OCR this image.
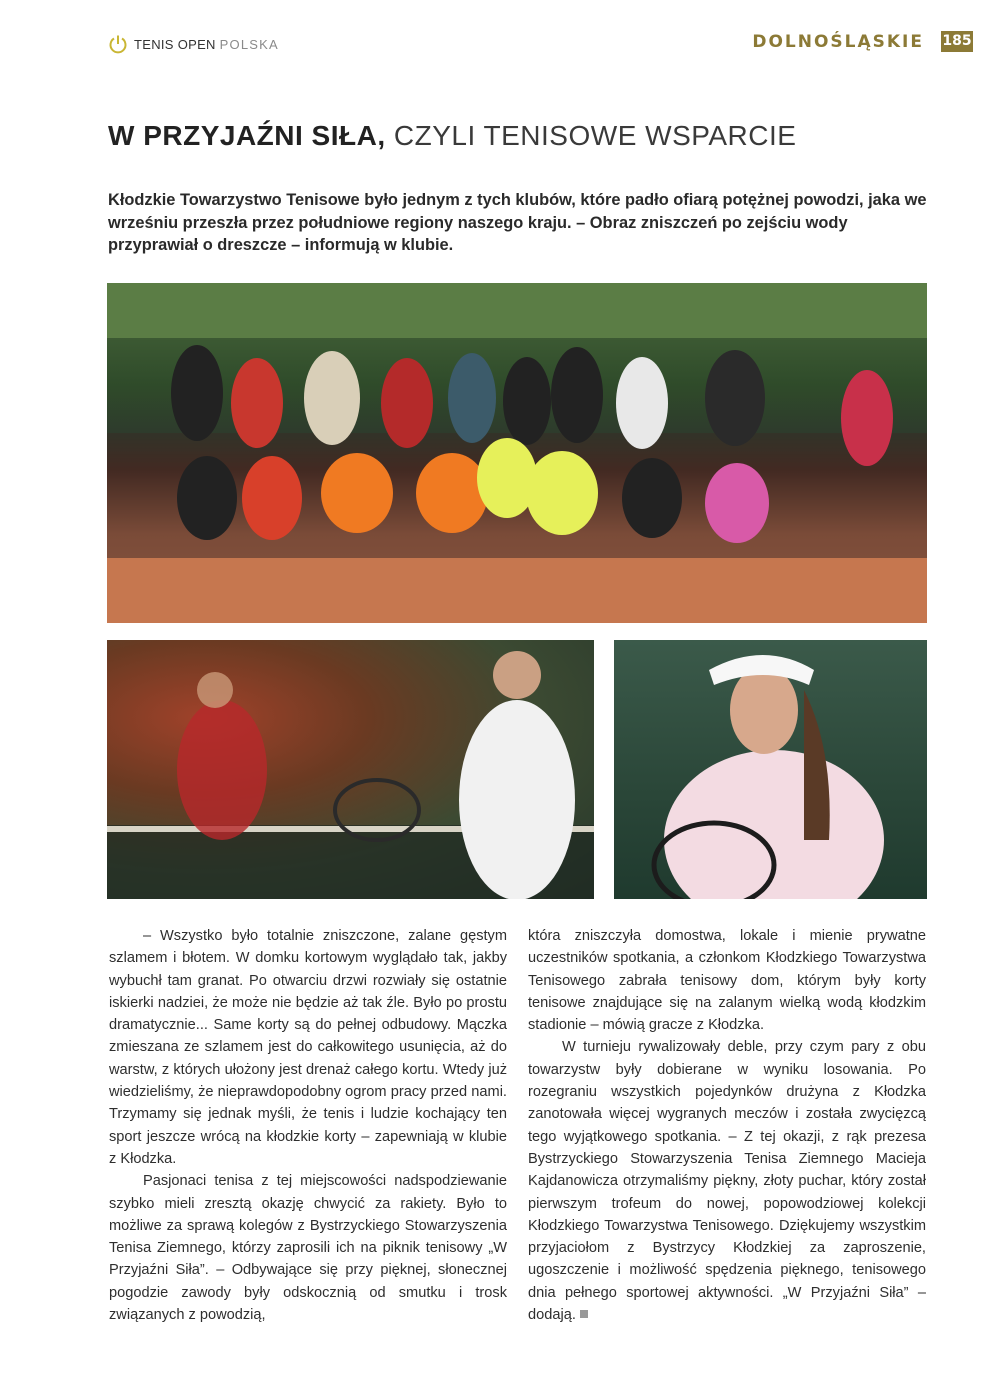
TENIS OPEN POLSKA	DOLNOŚLĄSKIE 185
W PRZYJAŹNI SIŁA, CZYLI TENISOWE WSPARCIE
Kłodzkie Towarzystwo Tenisowe było jednym z tych klubów, które padło ofiarą potężnej powodzi, jaka we wrześniu przeszła przez południowe regiony naszego kraju. – Obraz zniszczeń po zejściu wody przyprawiał o dreszcze – informują w klubie.

– Wszystko było totalnie zniszczone, zalane gęstym szlamem i błotem. W domku kortowym wyglądało tak, jakby wybuchł tam granat. Po otwarciu drzwi rozwiały się ostatnie iskierki nadziei, że może nie będzie aż tak źle. Było po prostu dramatycznie... Same korty są do pełnej odbudowy. Mączka zmieszana ze szlamem jest do całkowitego usunięcia, aż do warstw, z których ułożony jest drenaż całego kortu. Wtedy już wiedzieliśmy, że nieprawdopodobny ogrom pracy przed nami. Trzymamy się jednak myśli, że tenis i ludzie kochający ten sport jeszcze wrócą na kłodzkie korty – zapewniają w klubie z Kłodzka.

Pasjonaci tenisa z tej miejscowości nadspodziewanie szybko mieli zresztą okazję chwycić za rakiety. Było to możliwe za sprawą kolegów z Bystrzyckiego Stowarzyszenia Tenisa Ziemnego, którzy zaprosili ich na piknik tenisowy „W Przyjaźni Siła”. – Odbywające się przy pięknej, słonecznej pogodzie zawody były odskocznią od smutku i trosk związanych z powodzią,

która zniszczyła domostwa, lokale i mienie prywatne uczestników spotkania, a członkom Kłodzkiego Towarzystwa Tenisowego zabrała tenisowy dom, którym były korty tenisowe znajdujące się na zalanym wielką wodą kłodzkim stadionie – mówią gracze z Kłodzka.

W turnieju rywalizowały deble, przy czym pary z obu towarzystw były dobierane w wyniku losowania. Po rozegraniu wszystkich pojedynków drużyna z Kłodzka zanotowała więcej wygranych meczów i została zwycięzcą tego wyjątkowego spotkania. – Z tej okazji, z rąk prezesa Bystrzyckiego Stowarzyszenia Tenisa Ziemnego Macieja Kajdanowicza otrzymaliśmy piękny, złoty puchar, który został pierwszym trofeum do nowej, popowodziowej kolekcji Kłodzkiego Towarzystwa Tenisowego. Dziękujemy wszystkim przyjaciołom z Bystrzycy Kłodzkiej za zaproszenie, ugoszczenie i możliwość spędzenia pięknego, tenisowego dnia pełnego sportowej aktywności. „W Przyjaźni Siła” – dodają.
